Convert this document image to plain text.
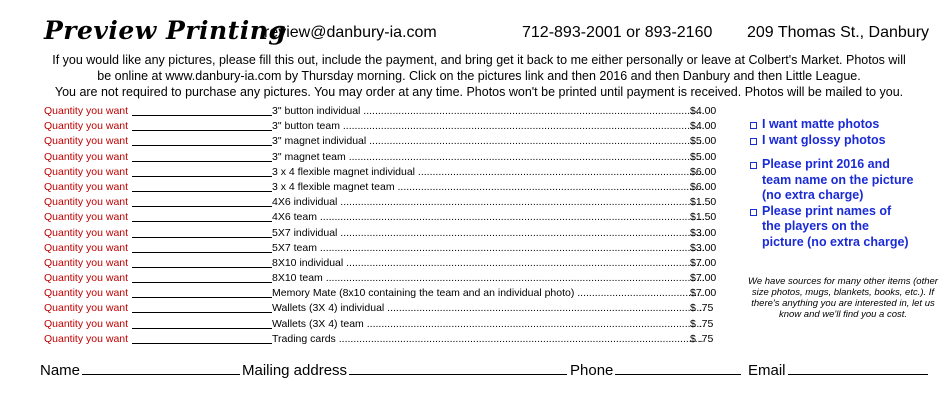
Preview Printing
review@danbury-ia.com	712-893-2001 or 893-2160 209 Thomas St., Danbury

If you would like any pictures, please fill this out, include the payment, and bring get it back to me either personally or leave at Colbert's Market. Photos will

be online at www.danbury-ia.com by Thursday morning. Click on the pictures link and then 2016 and then Danbury and then Little League.

You are not required to purchase any pictures. You may order at any time. Photos won't be printed until payment is received. Photos will be mailed to you.

Quantity you want	3" button individual .....	$4.00
Quantity you want	3" button team .....	$4.00
Quantity you want	3" magnet individual .....	$5.00
Quantity you want	3" magnet team .....	$5.00
Quantity you want	3 x 4 flexible magnet individual .....	$6.00
Quantity you want	3 x 4 flexible magnet team .....	$6.00
Quantity you want	4X6 individual .....	$1.50
Quantity you want	4X6 team .....	$1.50
Quantity you want	5X7 individual .....	$3.00
Quantity you want	5X7 team .....	$3.00
Quantity you want	8X10 individual .....	$7.00
Quantity you want	8X10 team .....	$7.00
Quantity you want	Memory Mate (8x10 containing the team and an individual photo) .....	$7.00
Quantity you want	Wallets (3X 4) individual .....	$ .75
Quantity you want	Wallets (3X 4) team .....	$ .75
Quantity you want	Trading cards .....	$ .75
I want matte photos
I want glossy photos
Please print 2016 and
team name on the picture
(no extra charge)
Please print names of
the players on the
picture (no extra charge)
We have sources for many other items (other size photos, mugs, blankets, books, etc.). If there's anything you are interested in, let us know and we'll find you a cost.
Name	Mailing address	Phone	Email
